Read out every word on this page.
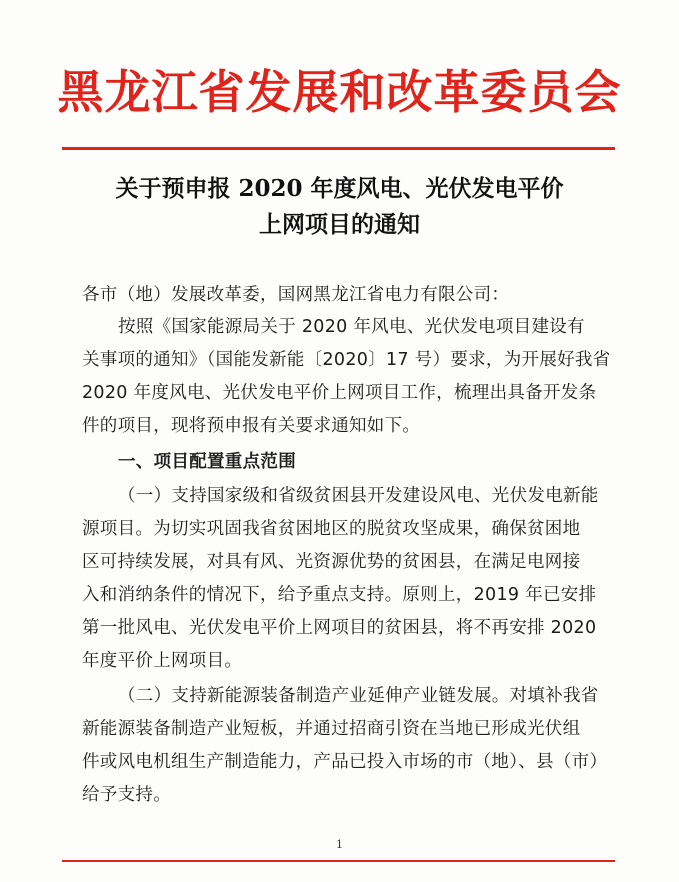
黑龙江省发展和改革委员会
关于预申报 2020 年度风电、光伏发电平价
上网项目的通知
各市（地）发展改革委，国网黑龙江省电力有限公司：
按照《国家能源局关于 2020 年风电、光伏发电项目建设有
关事项的通知》（国能发新能〔2020〕17 号）要求，为开展好我省
2020 年度风电、光伏发电平价上网项目工作，梳理出具备开发条
件的项目，现将预申报有关要求通知如下。
一、项目配置重点范围
（一）支持国家级和省级贫困县开发建设风电、光伏发电新能
源项目。为切实巩固我省贫困地区的脱贫攻坚成果，确保贫困地
区可持续发展，对具有风、光资源优势的贫困县，在满足电网接
入和消纳条件的情况下，给予重点支持。原则上，2019 年已安排
第一批风电、光伏发电平价上网项目的贫困县，将不再安排 2020
年度平价上网项目。
（二）支持新能源装备制造产业延伸产业链发展。对填补我省
新能源装备制造产业短板，并通过招商引资在当地已形成光伏组
件或风电机组生产制造能力，产品已投入市场的市（地）、县（市）
给予支持。
1
